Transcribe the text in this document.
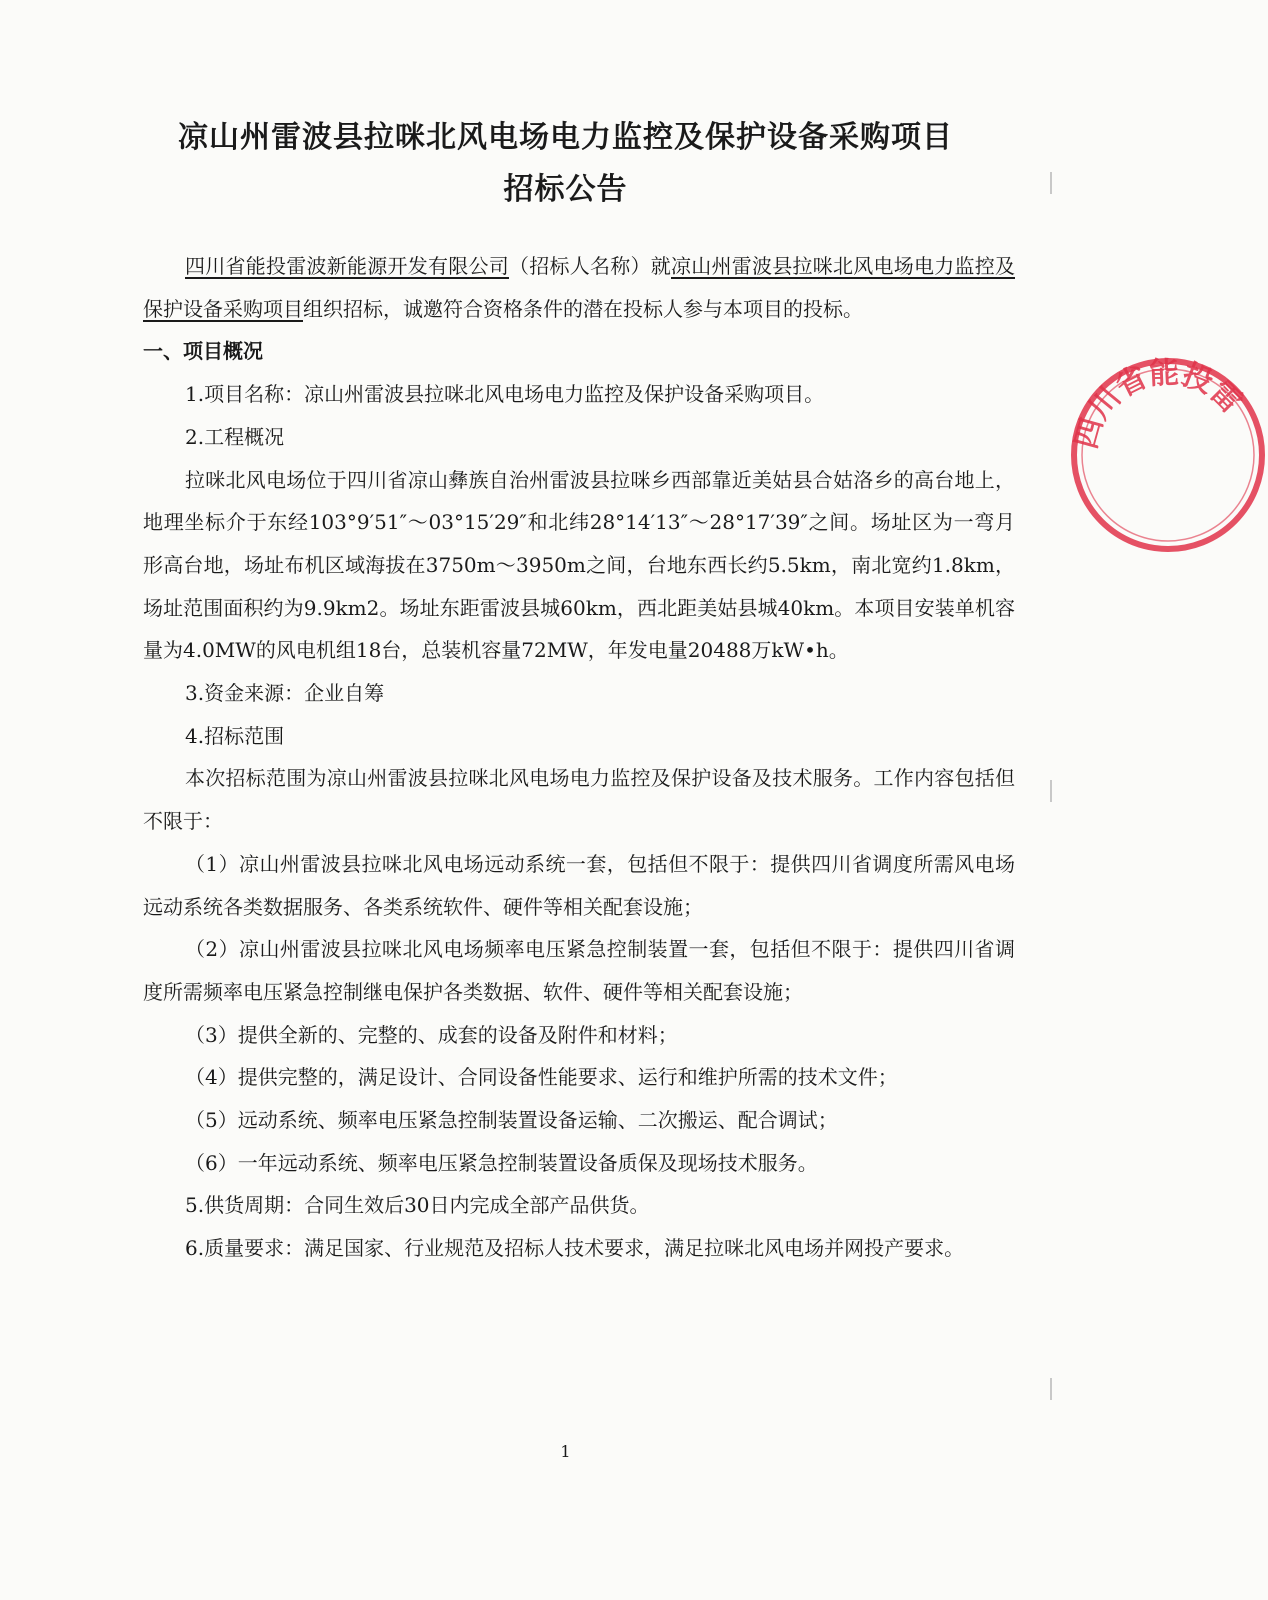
凉山州雷波县拉咪北风电场电力监控及保护设备采购项目
招标公告

四川省能投雷波新能源开发有限公司（招标人名称）就凉山州雷波县拉咪北风电场电力监控及保护设备采购项目组织招标，诚邀符合资格条件的潜在投标人参与本项目的投标。

一、项目概况

1.项目名称：凉山州雷波县拉咪北风电场电力监控及保护设备采购项目。

2.工程概况

拉咪北风电场位于四川省凉山彝族自治州雷波县拉咪乡西部靠近美姑县合姑洛乡的高台地上，地理坐标介于东经103°9′51″～03°15′29″和北纬28°14′13″～28°17′39″之间。场址区为一弯月形高台地，场址布机区域海拔在3750m～3950m之间，台地东西长约5.5km，南北宽约1.8km，场址范围面积约为9.9km2。场址东距雷波县城60km，西北距美姑县城40km。本项目安装单机容量为4.0MW的风电机组18台，总装机容量72MW，年发电量20488万kW•h。

3.资金来源：企业自筹

4.招标范围

本次招标范围为凉山州雷波县拉咪北风电场电力监控及保护设备及技术服务。工作内容包括但不限于：

（1）凉山州雷波县拉咪北风电场远动系统一套，包括但不限于：提供四川省调度所需风电场远动系统各类数据服务、各类系统软件、硬件等相关配套设施；

（2）凉山州雷波县拉咪北风电场频率电压紧急控制装置一套，包括但不限于：提供四川省调度所需频率电压紧急控制继电保护各类数据、软件、硬件等相关配套设施；

（3）提供全新的、完整的、成套的设备及附件和材料；

（4）提供完整的，满足设计、合同设备性能要求、运行和维护所需的技术文件；

（5）远动系统、频率电压紧急控制装置设备运输、二次搬运、配合调试；

（6）一年远动系统、频率电压紧急控制装置设备质保及现场技术服务。

5.供货周期：合同生效后30日内完成全部产品供货。

6.质量要求：满足国家、行业规范及招标人技术要求，满足拉咪北风电场并网投产要求。

1
四川省能投雷
